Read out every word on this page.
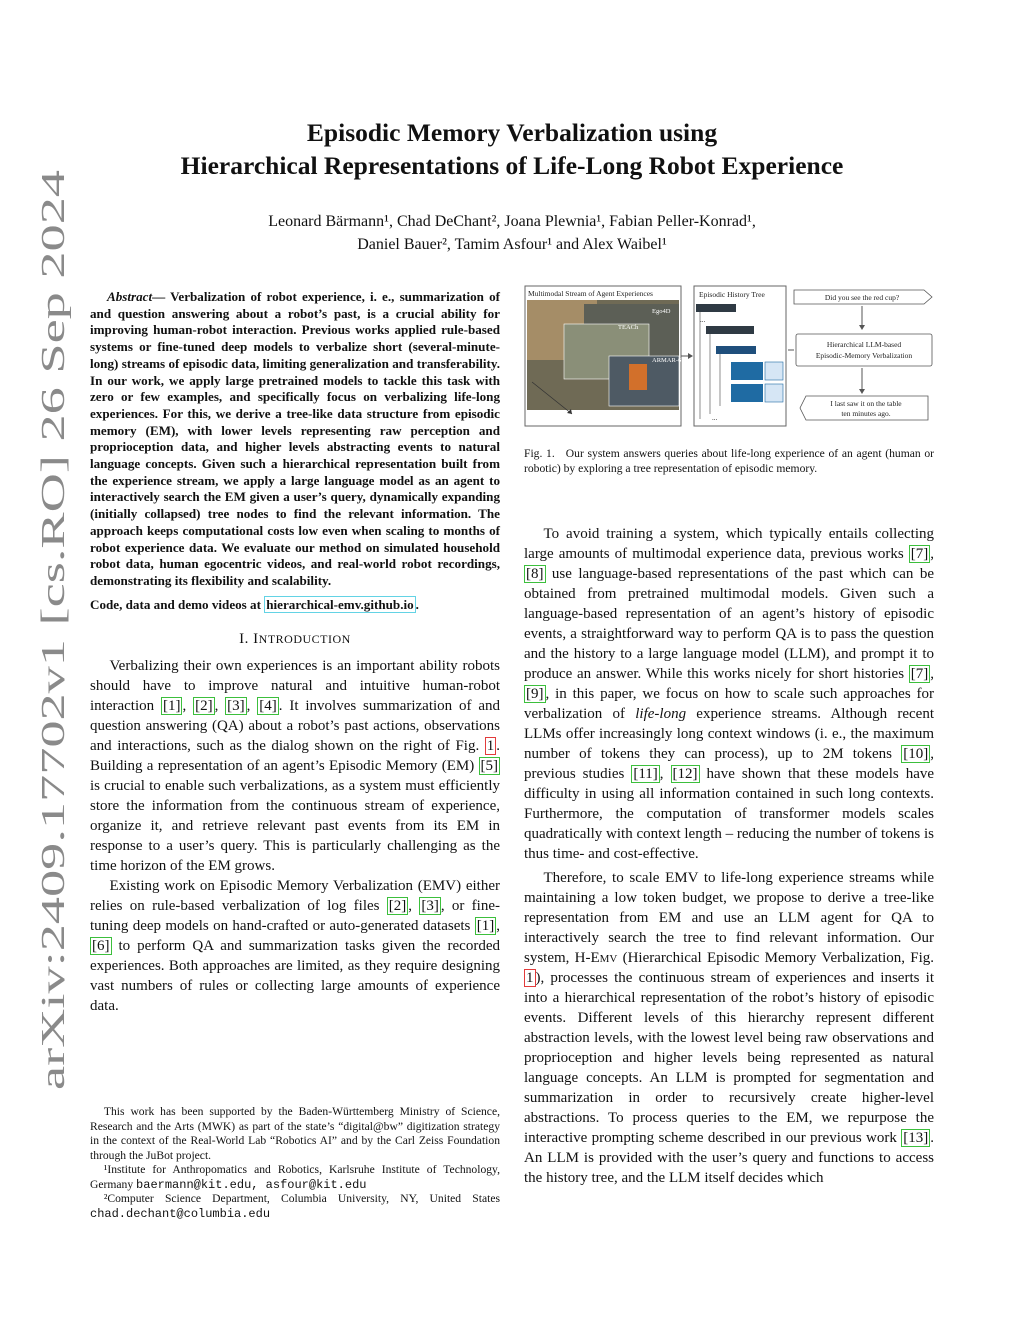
arXiv:2409.17702v1 [cs.RO] 26 Sep 2024
Episodic Memory Verbalization using
Hierarchical Representations of Life-Long Robot Experience
Leonard Bärmann¹, Chad DeChant², Joana Plewnia¹, Fabian Peller-Konrad¹,
Daniel Bauer², Tamim Asfour¹ and Alex Waibel¹

Abstract— Verbalization of robot experience, i. e., summarization of and question answering about a robot’s past, is a crucial ability for improving human-robot interaction. Previous works applied rule-based systems or fine-tuned deep models to verbalize short (several-minute-long) streams of episodic data, limiting generalization and transferability. In our work, we apply large pretrained models to tackle this task with zero or few examples, and specifically focus on verbalizing life-long experiences. For this, we derive a tree-like data structure from episodic memory (EM), with lower levels representing raw perception and proprioception data, and higher levels abstracting events to natural language concepts. Given such a hierarchical representation built from the experience stream, we apply a large language model as an agent to interactively search the EM given a user’s query, dynamically expanding (initially collapsed) tree nodes to find the relevant information. The approach keeps computational costs low even when scaling to months of robot experience data. We evaluate our method on simulated household robot data, human egocentric videos, and real-world robot recordings, demonstrating its flexibility and scalability.

Code, data and demo videos at hierarchical-emv.github.io .
I. INTRODUCTION

Verbalizing their own experiences is an important ability robots should have to improve natural and intuitive human-robot interaction [1] , [2] , [3] , [4] . It involves summarization of and question answering (QA) about a robot’s past actions, observations and interactions, such as the dialog shown on the right of Fig. 1 . Building a representation of an agent’s Episodic Memory (EM) [5] is crucial to enable such verbalizations, as a system must efficiently store the information from the continuous stream of experience, organize it, and retrieve relevant past events from its EM in response to a user’s query. This is particularly challenging as the time horizon of the EM grows.

Existing work on Episodic Memory Verbalization (EMV) either relies on rule-based verbalization of log files [2] , [3] , or fine-tuning deep models on hand-crafted or auto-generated datasets [1] , [6] to perform QA and summarization tasks given the recorded experiences. Both approaches are limited, as they require designing vast numbers of rules or collecting large amounts of experience data.

This work has been supported by the Baden-Württemberg Ministry of Science, Research and the Arts (MWK) as part of the state’s “digital@bw” digitization strategy in the context of the Real-World Lab “Robotics AI” and by the Carl Zeiss Foundation through the JuBot project.

¹Institute for Anthropomatics and Robotics, Karlsruhe Institute of Technology, Germany baermann@kit.edu, asfour@kit.edu

²Computer Science Department, Columbia University, NY, United States chad.dechant@columbia.edu

Multimodal Stream of Agent Experiences
Ego4D
TEACh
ARMAR-6
Episodic History Tree
...
...
Did you see the red cup?
Hierarchical LLM-based
Episodic-Memory Verbalization
I last saw it on the table
ten minutes ago.
Fig. 1. Our system answers queries about life-long experience of an agent (human or robotic) by exploring a tree representation of episodic memory.

To avoid training a system, which typically entails collecting large amounts of multimodal experience data, previous works [7] , [8] use language-based representations of the past which can be obtained from pretrained multimodal models. Given such a language-based representation of an agent’s history of episodic events, a straightforward way to perform QA is to pass the question and the history to a large language model (LLM), and prompt it to produce an answer. While this works nicely for short histories [7] , [9] , in this paper, we focus on how to scale such approaches for verbalization of life-long experience streams. Although recent LLMs offer increasingly long context windows (i. e., the maximum number of tokens they can process), up to 2M tokens [10] , previous studies [11] , [12] have shown that these models have difficulty in using all information contained in such long contexts. Furthermore, the computation of transformer models scales quadratically with context length – reducing the number of tokens is thus time- and cost-effective.

Therefore, to scale EMV to life-long experience streams while maintaining a low token budget, we propose to derive a tree-like representation from EM and use an LLM agent for QA to interactively search the tree to find relevant information. Our system, H-Emv (Hierarchical Episodic Memory Verbalization, Fig. 1 ), processes the continuous stream of experiences and inserts it into a hierarchical representation of the robot’s history of episodic events. Different levels of this hierarchy represent different abstraction levels, with the lowest level being raw observations and proprioception and higher levels being represented as natural language concepts. An LLM is prompted for segmentation and summarization in order to recursively create higher-level abstractions. To process queries to the EM, we repurpose the interactive prompting scheme described in our previous work [13] . An LLM is provided with the user’s query and functions to access the history tree, and the LLM itself decides which
